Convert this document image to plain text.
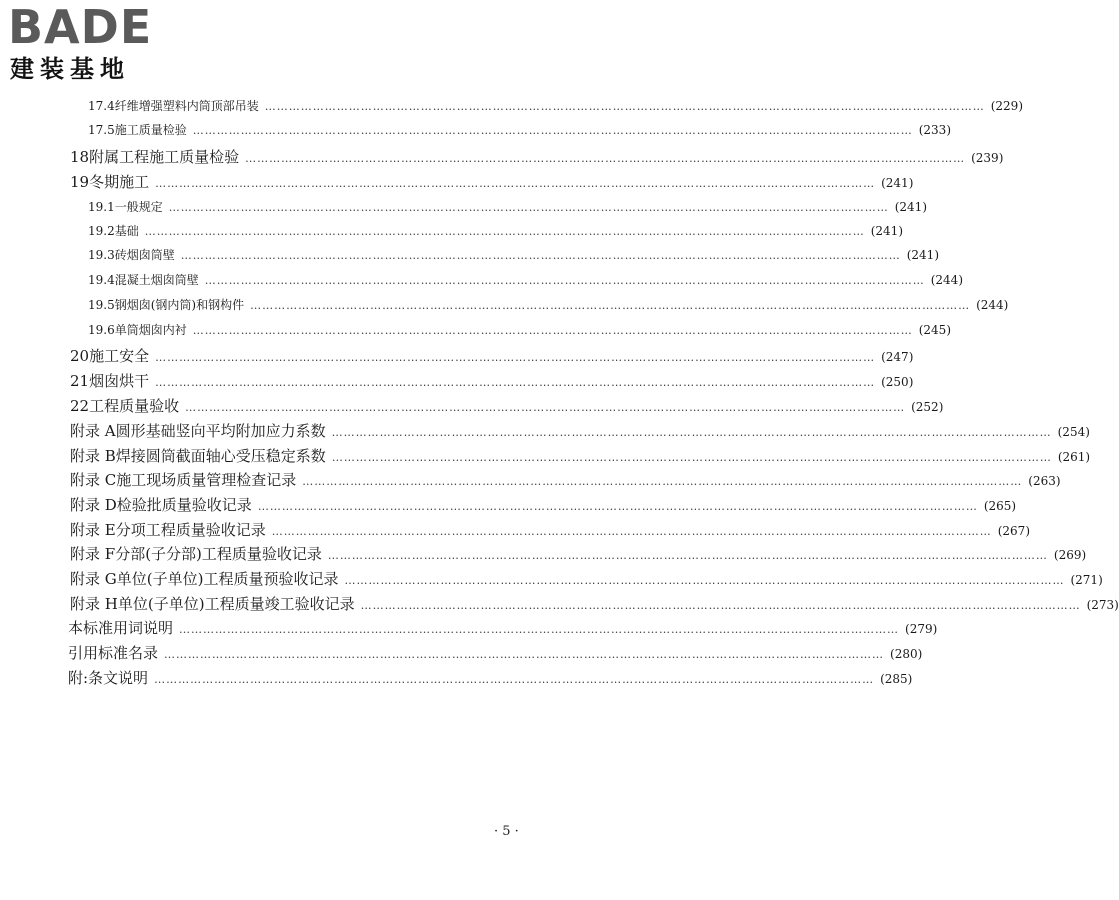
BADE
建装基地
17.4 纤维增强塑料内筒顶部吊装 ……………………………………………………………………………………………………………………………………………………………… (229)
17.5 施工质量检验 ……………………………………………………………………………………………………………………………………………………………… (233)
18 附属工程施工质量检验 ……………………………………………………………………………………………………………………………………………………………… (239)
19 冬期施工 ……………………………………………………………………………………………………………………………………………………………… (241)
19.1 一般规定 ……………………………………………………………………………………………………………………………………………………………… (241)
19.2 基础 ……………………………………………………………………………………………………………………………………………………………… (241)
19.3 砖烟囱筒壁 ……………………………………………………………………………………………………………………………………………………………… (241)
19.4 混凝土烟囱筒壁 ……………………………………………………………………………………………………………………………………………………………… (244)
19.5 钢烟囱(钢内筒)和钢构件 ……………………………………………………………………………………………………………………………………………………………… (244)
19.6 单筒烟囱内衬 ……………………………………………………………………………………………………………………………………………………………… (245)
20 施工安全 ……………………………………………………………………………………………………………………………………………………………… (247)
21 烟囱烘干 ……………………………………………………………………………………………………………………………………………………………… (250)
22 工程质量验收 ……………………………………………………………………………………………………………………………………………………………… (252)
附录 A 圆形基础竖向平均附加应力系数 ……………………………………………………………………………………………………………………………………………………………… (254)
附录 B 焊接圆筒截面轴心受压稳定系数 ……………………………………………………………………………………………………………………………………………………………… (261)
附录 C 施工现场质量管理检查记录 ……………………………………………………………………………………………………………………………………………………………… (263)
附录 D 检验批质量验收记录 ……………………………………………………………………………………………………………………………………………………………… (265)
附录 E 分项工程质量验收记录 ……………………………………………………………………………………………………………………………………………………………… (267)
附录 F 分部(子分部)工程质量验收记录 ……………………………………………………………………………………………………………………………………………………………… (269)
附录 G 单位(子单位)工程质量预验收记录 ……………………………………………………………………………………………………………………………………………………………… (271)
附录 H 单位(子单位)工程质量竣工验收记录 ……………………………………………………………………………………………………………………………………………………………… (273)
本标准用词说明 ……………………………………………………………………………………………………………………………………………………………… (279)
引用标准名录 ……………………………………………………………………………………………………………………………………………………………… (280)
附:条文说明 ……………………………………………………………………………………………………………………………………………………………… (285)
· 5 ·
